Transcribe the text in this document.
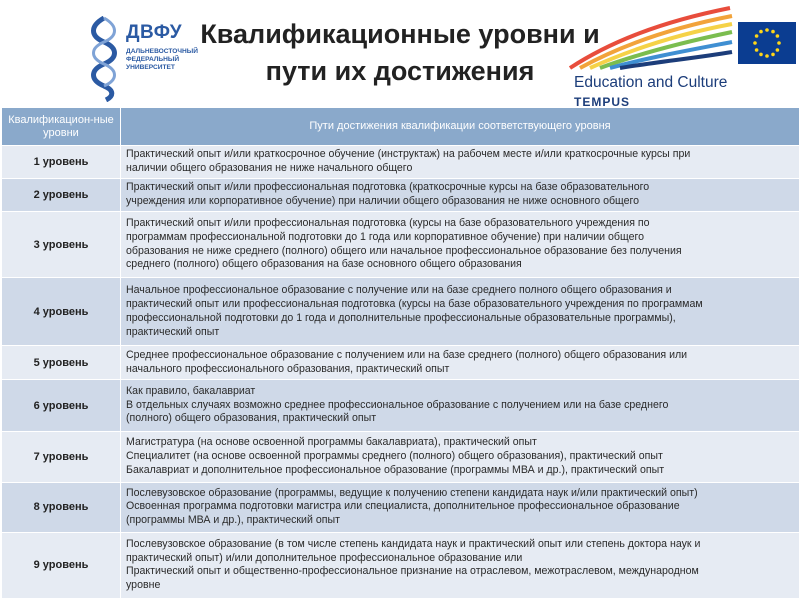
ДВФУ
ДАЛЬНЕВОСТОЧНЫЙ
ФЕДЕРАЛЬНЫЙ
УНИВЕРСИТЕТ
Education and Culture
TEMPUS
Квалификационные уровни и
пути их достижения
Квалификацион-ные уровни	Пути достижения квалификации соответствующего уровня
1 уровень	Практический опыт и/или краткосрочное обучение (инструктаж) на рабочем месте и/или краткосрочные курсы при
наличии общего образования не ниже начального общего

2 уровень	Практический опыт и/или профессиональная подготовка (краткосрочные курсы на базе образовательного
учреждения или корпоративное обучение) при наличии общего образования не ниже основного общего

3 уровень	Практический опыт и/или профессиональная подготовка (курсы на базе образовательного учреждения по
программам профессиональной подготовки до 1 года или корпоративное обучение) при наличии общего
образования не ниже среднего (полного) общего или начальное профессиональное образование без получения
среднего (полного) общего образования на базе основного общего образования

4 уровень	Начальное профессиональное образование с получение или на базе среднего полного общего образования и
практический опыт или профессиональная подготовка (курсы на базе образовательного учреждения по программам
профессиональной подготовки до 1 года и дополнительные профессиональные образовательные программы),
практический опыт

5 уровень	Среднее профессиональное образование с получением или на базе среднего (полного) общего образования или
начального профессионального образования, практический опыт

6 уровень	Как правило, бакалавриат
В отдельных случаях возможно среднее профессиональное образование с получением или на базе среднего
(полного) общего образования, практический опыт

7 уровень	Магистратура (на основе освоенной программы бакалавриата), практический опыт
Специалитет (на основе освоенной программы среднего (полного) общего образования), практический опыт
Бакалавриат и дополнительное профессиональное образование (программы МВА и др.), практический опыт

8 уровень	Послевузовское образование (программы, ведущие к получению степени кандидата наук и/или практический опыт)
Освоенная программа подготовки магистра или специалиста, дополнительное профессиональное образование
(программы МВА и др.), практический опыт

9 уровень	Послевузовское образование (в том числе степень кандидата наук и практический опыт или степень доктора наук и
практический опыт) и/или дополнительное профессиональное образование или
Практический опыт и общественно-профессиональное признание на отраслевом, межотраслевом, международном
уровне
